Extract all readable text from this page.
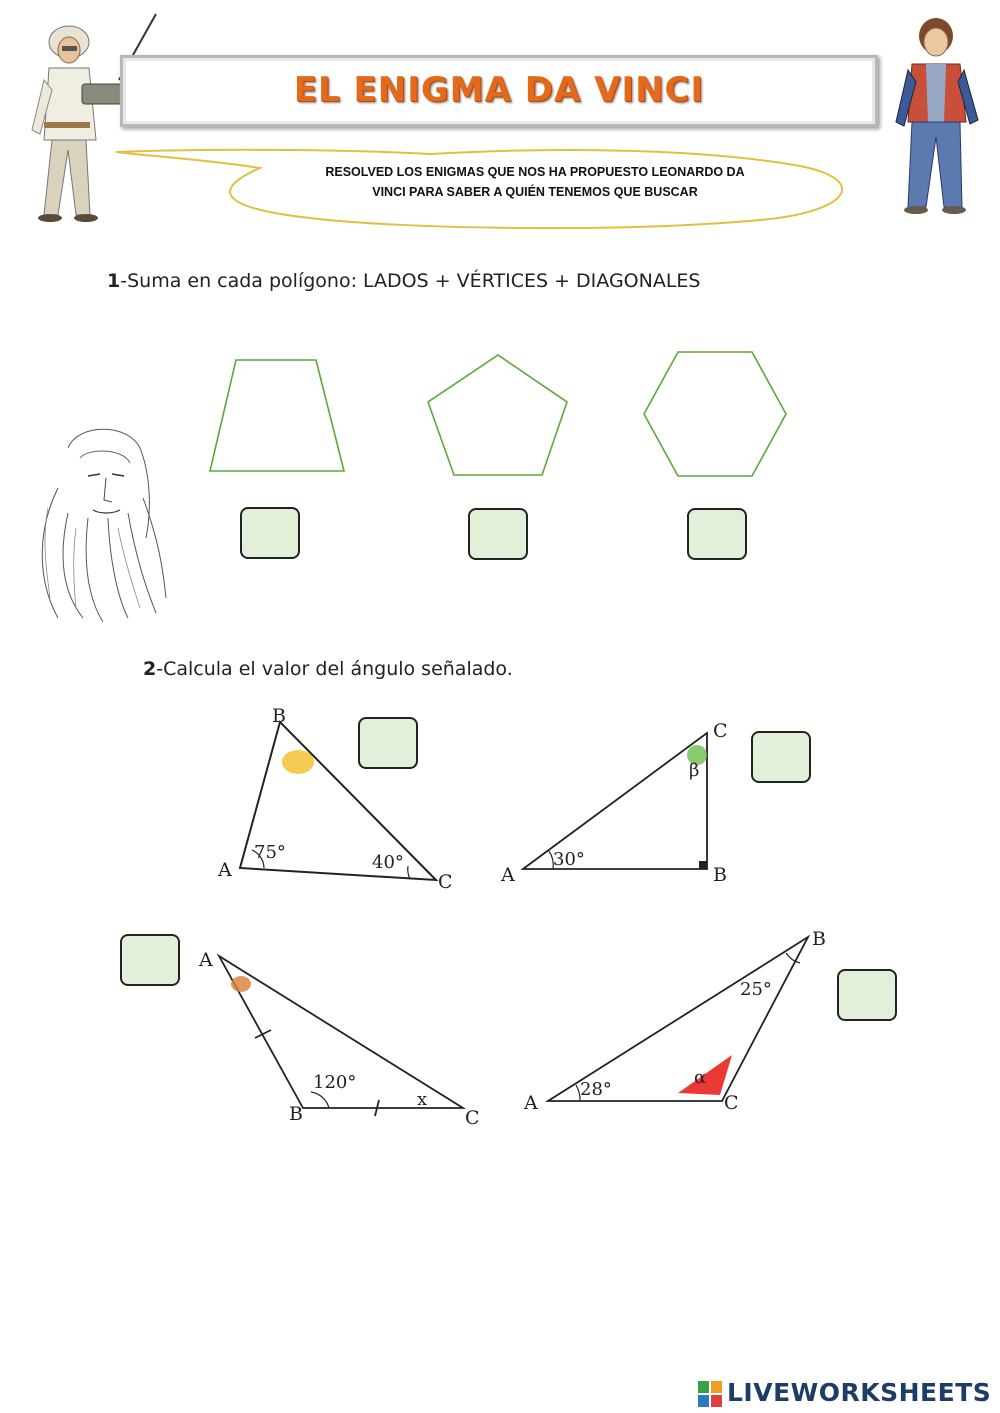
EL ENIGMA DA VINCI
RESOLVED LOS ENIGMAS QUE NOS HA PROPUESTO LEONARDO DA
VINCI PARA SABER A QUIÉN TENEMOS QUE BUSCAR
1-Suma en cada polígono: LADOS + VÉRTICES + DIAGONALES
2-Calcula el valor del ángulo señalado.
B
A
C
75°	40°
β
C
A	B
30°
x
A
B	C
120°	α
B
A	C
28°
25°
LIVEWORKSHEETS
